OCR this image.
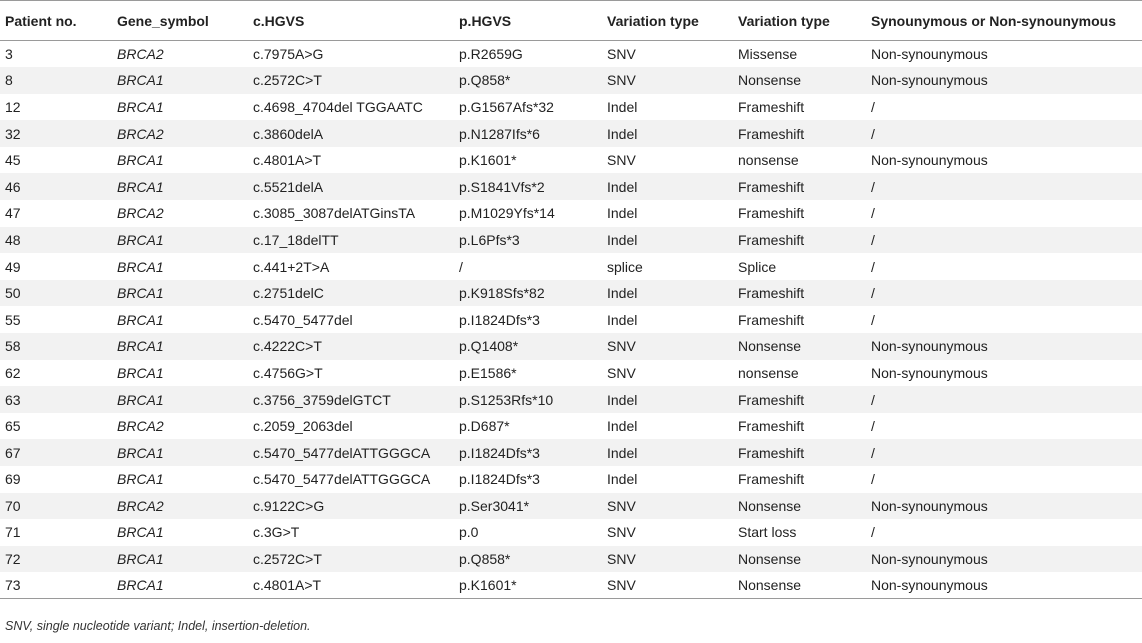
Patient no.	Gene_symbol	c.HGVS	p.HGVS	Variation type	Variation type	Synounymous or Non-synounymous
3	BRCA2	c.7975A>G	p.R2659G	SNV	Missense	Non-synounymous
8	BRCA1	c.2572C>T	p.Q858*	SNV	Nonsense	Non-synounymous
12	BRCA1	c.4698_4704del TGGAATC	p.G1567Afs*32	Indel	Frameshift	/
32	BRCA2	c.3860delA	p.N1287Ifs*6	Indel	Frameshift	/
45	BRCA1	c.4801A>T	p.K1601*	SNV	nonsense	Non-synounymous
46	BRCA1	c.5521delA	p.S1841Vfs*2	Indel	Frameshift	/
47	BRCA2	c.3085_3087delATGinsTA	p.M1029Yfs*14	Indel	Frameshift	/
48	BRCA1	c.17_18delTT	p.L6Pfs*3	Indel	Frameshift	/
49	BRCA1	c.441+2T>A	/	splice	Splice	/
50	BRCA1	c.2751delC	p.K918Sfs*82	Indel	Frameshift	/
55	BRCA1	c.5470_5477del	p.I1824Dfs*3	Indel	Frameshift	/
58	BRCA1	c.4222C>T	p.Q1408*	SNV	Nonsense	Non-synounymous
62	BRCA1	c.4756G>T	p.E1586*	SNV	nonsense	Non-synounymous
63	BRCA1	c.3756_3759delGTCT	p.S1253Rfs*10	Indel	Frameshift	/
65	BRCA2	c.2059_2063del	p.D687*	Indel	Frameshift	/
67	BRCA1	c.5470_5477delATTGGGCA	p.I1824Dfs*3	Indel	Frameshift	/
69	BRCA1	c.5470_5477delATTGGGCA	p.I1824Dfs*3	Indel	Frameshift	/
70	BRCA2	c.9122C>G	p.Ser3041*	SNV	Nonsense	Non-synounymous
71	BRCA1	c.3G>T	p.0	SNV	Start loss	/
72	BRCA1	c.2572C>T	p.Q858*	SNV	Nonsense	Non-synounymous
73	BRCA1	c.4801A>T	p.K1601*	SNV	Nonsense	Non-synounymous
SNV, single nucleotide variant; Indel, insertion-deletion.
